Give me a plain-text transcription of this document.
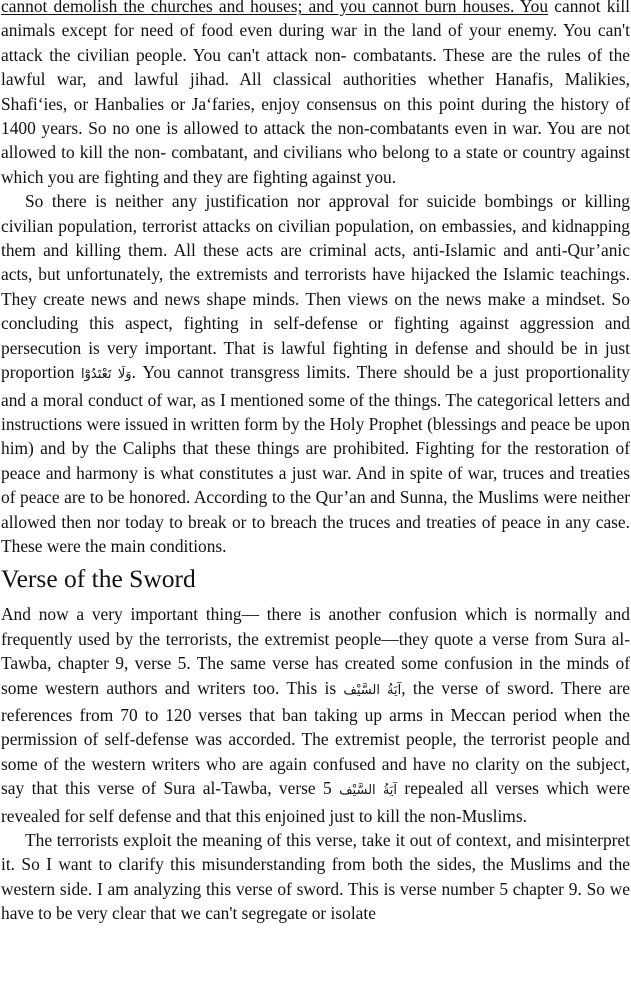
cannot demolish the churches and houses; and you cannot burn houses. You cannot kill animals except for need of food even during war in the land of your enemy. You can't attack the civilian people. You can't attack non- combatants. These are the rules of the lawful war, and lawful jihad. All classical authorities whether Hanafis, Malikies, Shafi‘ies, or Hanbalies or Ja‘faries, enjoy consensus on this point during the history of 1400 years. So no one is allowed to attack the non-combatants even in war. You are not allowed to kill the non- combatant, and civilians who belong to a state or country against which you are fighting and they are fighting against you.

So there is neither any justification nor approval for suicide bombings or killing civilian population, terrorist attacks on civilian population, on embassies, and kidnapping them and killing them. All these acts are criminal acts, anti-Islamic and anti-Qur’anic acts, but unfortunately, the extremists and terrorists have hijacked the Islamic teachings. They create news and news shape minds. Then views on the news make a mindset. So concluding this aspect, fighting in self-defense or fighting against aggression and persecution is very important. That is lawful fighting in defense and should be in just proportion وَلَا تَعْتَدُوْٓا. You cannot transgress limits. There should be a just proportionality and a moral conduct of war, as I mentioned some of the things. The categorical letters and instructions were issued in written form by the Holy Prophet (blessings and peace be upon him) and by the Caliphs that these things are prohibited. Fighting for the restoration of peace and harmony is what constitutes a just war. And in spite of war, truces and treaties of peace are to be honored. According to the Qur’an and Sunna, the Muslims were neither allowed then nor today to break or to breach the truces and treaties of peace in any case. These were the main conditions.

Verse of the Sword

And now a very important thing— there is another confusion which is normally and frequently used by the terrorists, the extremist people—they quote a verse from Sura al-Tawba, chapter 9, verse 5. The same verse has created some confusion in the minds of some western authors and writers too. This is آيَةُ السَّيْف, the verse of sword. There are references from 70 to 120 verses that ban taking up arms in Meccan period when the permission of self-defense was accorded. The extremist people, the terrorist people and some of the western writers who are again confused and have no clarity on the subject, say that this verse of Sura al-Tawba, verse 5 آيَةُ السَّيْف repealed all verses which were revealed for self defense and that this enjoined just to kill the non-Muslims.

The terrorists exploit the meaning of this verse, take it out of context, and misinterpret it. So I want to clarify this misunderstanding from both the sides, the Muslims and the western side. I am analyzing this verse of sword. This is verse number 5 chapter 9. So we have to be very clear that we can't segregate or isolate
